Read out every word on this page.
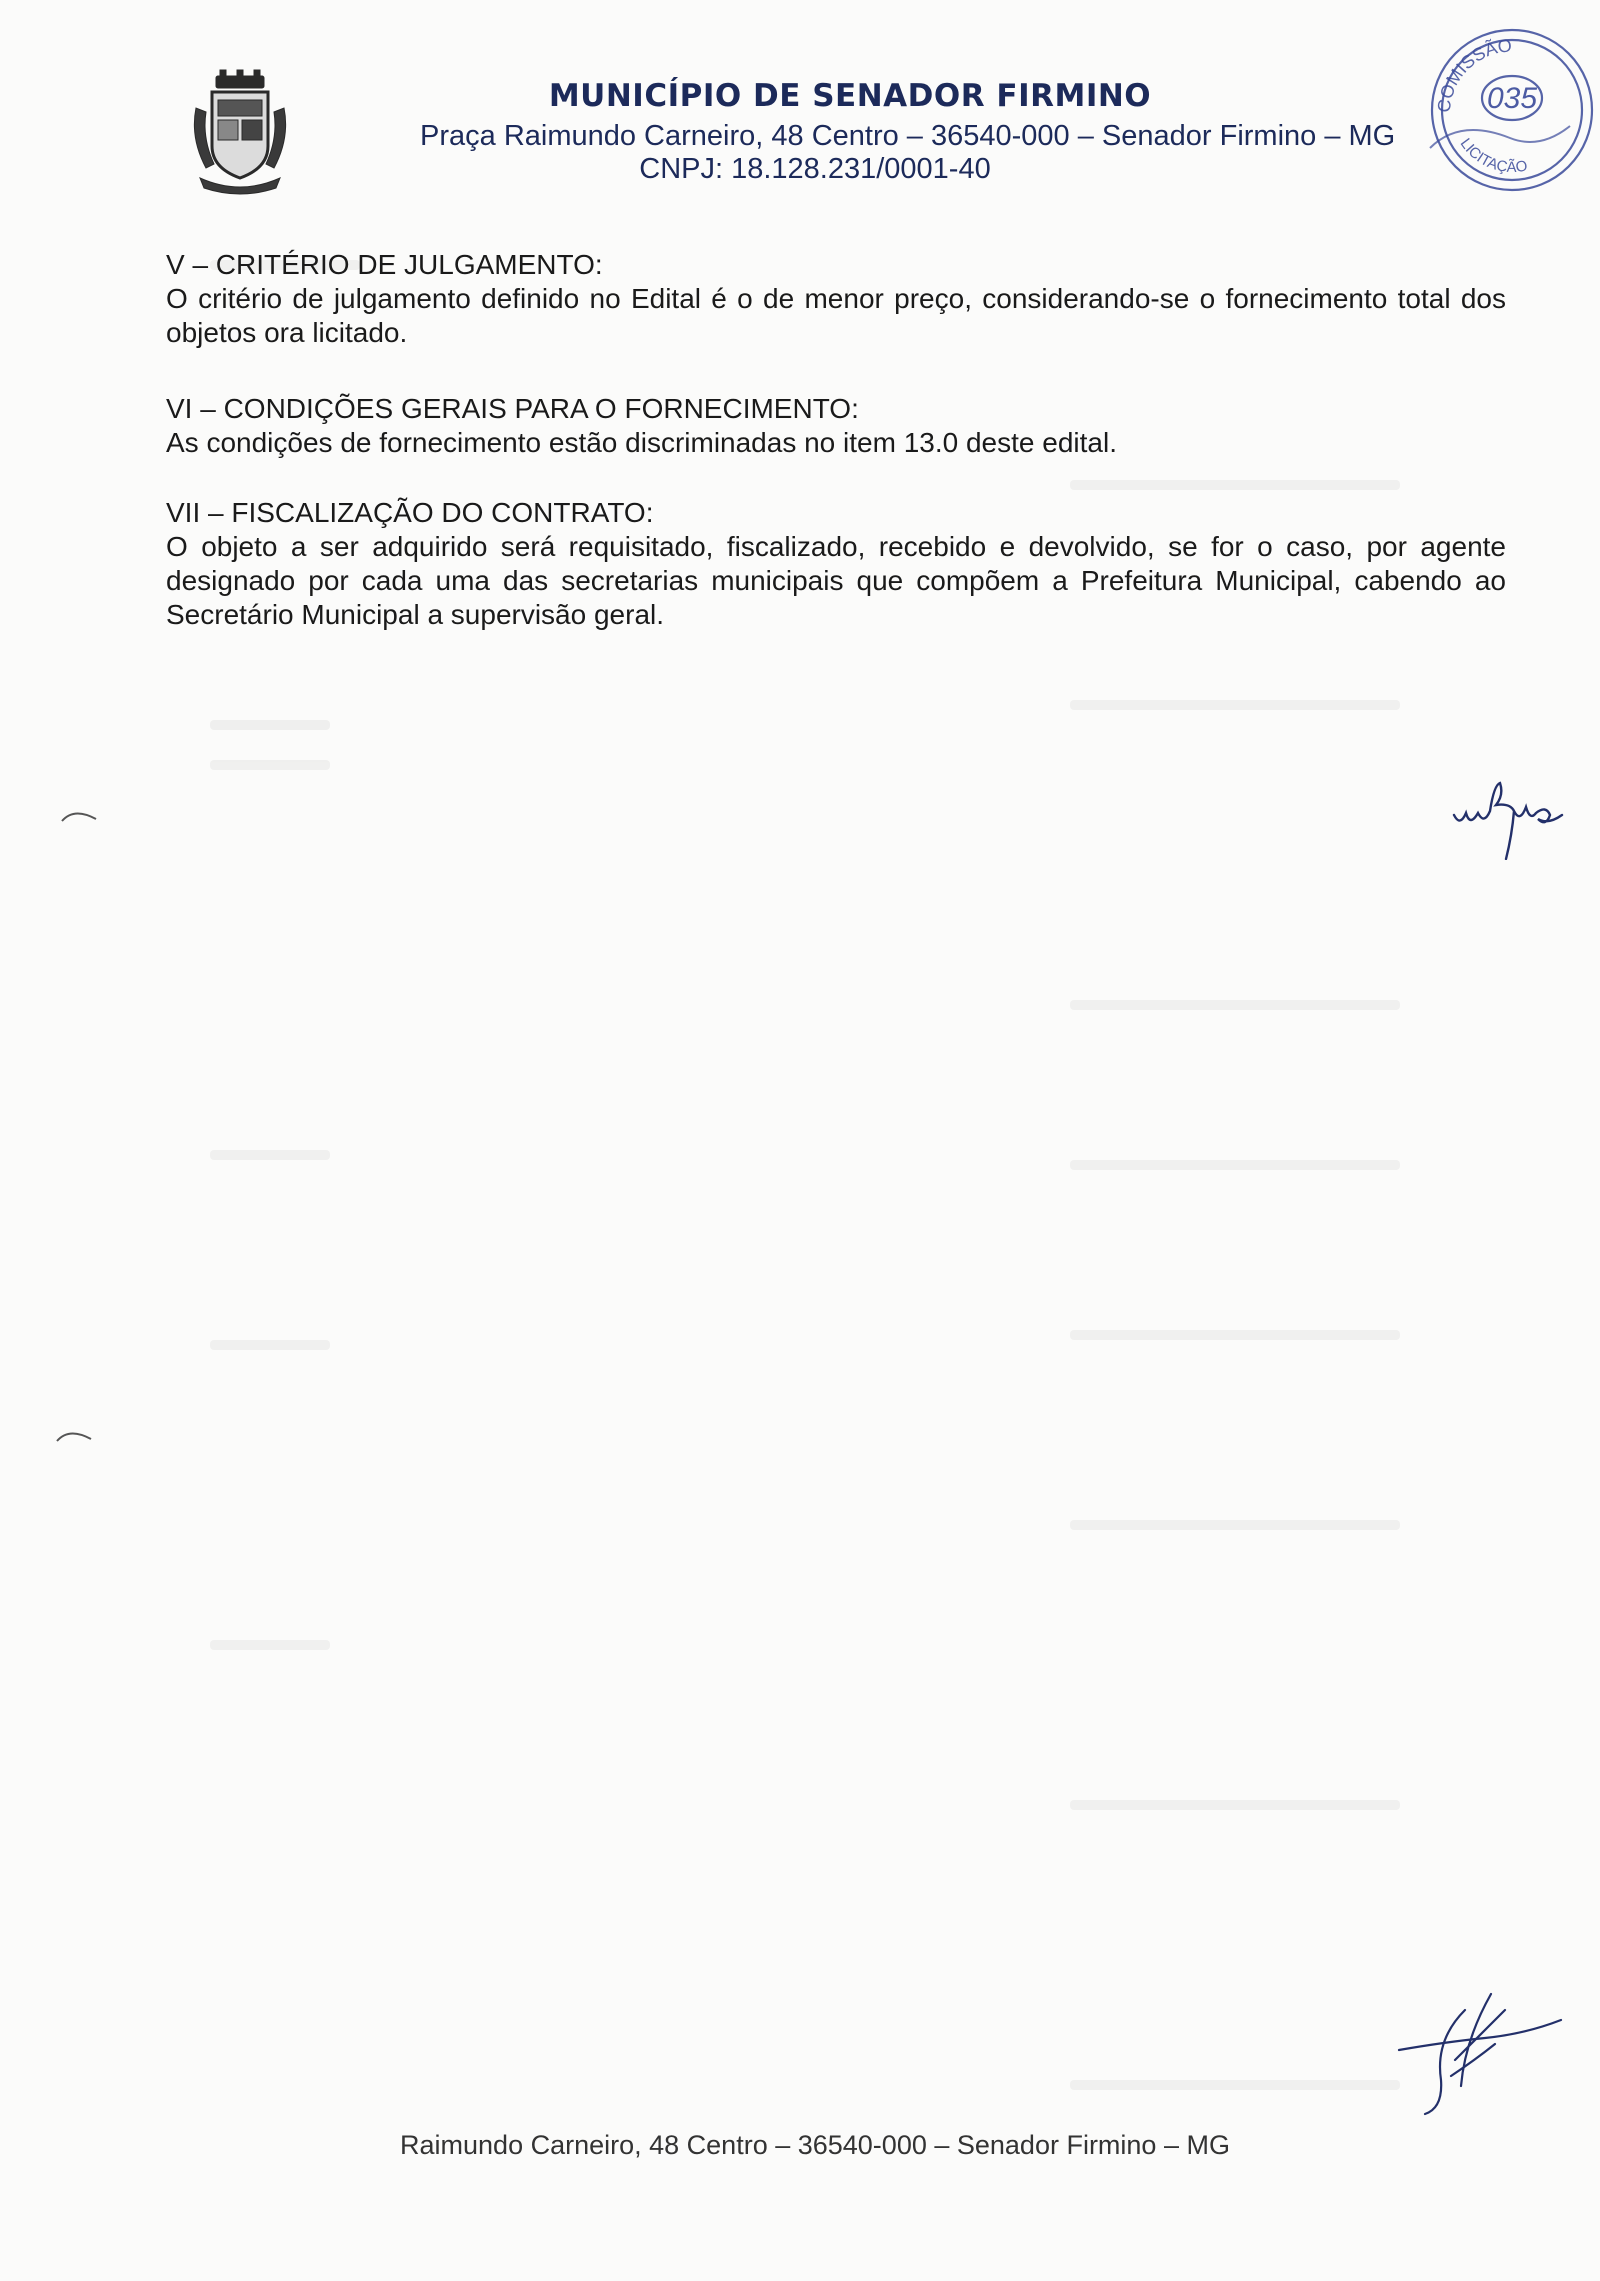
MUNICÍPIO DE SENADOR FIRMINO
Praça Raimundo Carneiro, 48 Centro – 36540-000 – Senador Firmino – MG
CNPJ: 18.128.231/0001-40
COMISSÃO
035
LICITAÇÃO
V – CRITÉRIO DE JULGAMENTO:
O critério de julgamento definido no Edital é o de menor preço, considerando-se o fornecimento total dos objetos ora licitado.
VI – CONDIÇÕES GERAIS PARA O FORNECIMENTO:
As condições de fornecimento estão discriminadas no item 13.0 deste edital.
VII – FISCALIZAÇÃO DO CONTRATO:
O objeto a ser adquirido será requisitado, fiscalizado, recebido e devolvido, se for o caso, por agente designado por cada uma das secretarias municipais que compõem a Prefeitura Municipal, cabendo ao Secretário Municipal a supervisão geral.
Raimundo Carneiro, 48 Centro – 36540-000 – Senador Firmino – MG
